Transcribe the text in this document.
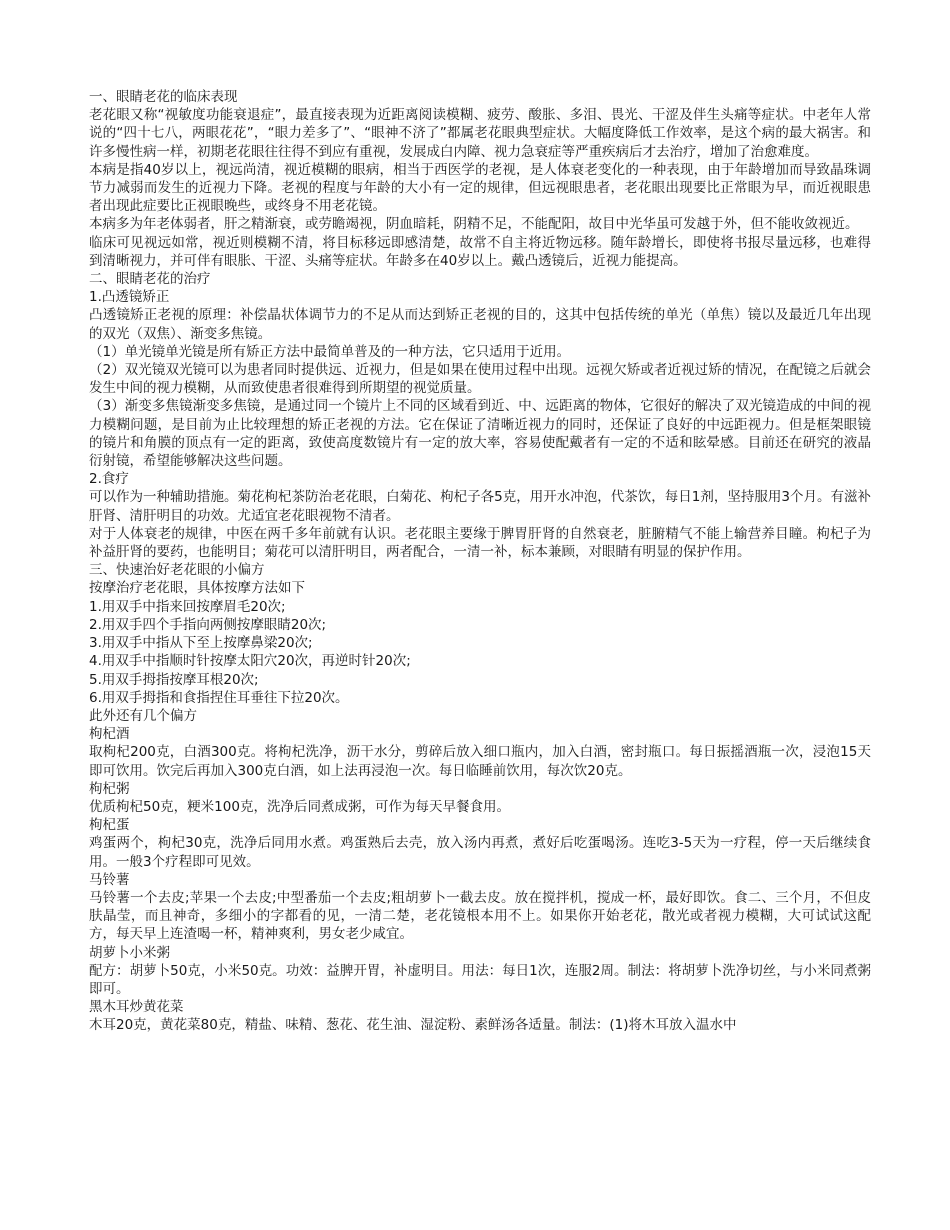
一、眼睛老花的临床表现

老花眼又称“视敏度功能衰退症”，最直接表现为近距离阅读模糊、疲劳、酸胀、多泪、畏光、干涩及伴生头痛等症状。中老年人常说的“四十七八，两眼花花”，“眼力差多了”、“眼神不济了”都属老花眼典型症状。大幅度降低工作效率，是这个病的最大祸害。和许多慢性病一样，初期老花眼往往得不到应有重视，发展成白内障、视力急衰症等严重疾病后才去治疗，增加了治愈难度。

本病是指40岁以上，视远尚清，视近模糊的眼病，相当于西医学的老视，是人体衰老变化的一种表现，由于年龄增加而导致晶珠调节力减弱而发生的近视力下降。老视的程度与年龄的大小有一定的规律，但远视眼患者，老花眼出现要比正常眼为早，而近视眼患者出现此症要比正视眼晚些，或终身不用老花镜。

本病多为年老体弱者，肝之精渐衰，或劳瞻竭视，阴血暗耗，阴精不足，不能配阳，故目中光华虽可发越于外，但不能收敛视近。

临床可见视远如常，视近则模糊不清，将目标移远即感清楚，故常不自主将近物远移。随年龄增长，即使将书报尽量远移，也难得到清晰视力，并可伴有眼胀、干涩、头痛等症状。年龄多在40岁以上。戴凸透镜后，近视力能提高。

二、眼睛老花的治疗

1.凸透镜矫正

凸透镜矫正老视的原理：补偿晶状体调节力的不足从而达到矫正老视的目的，这其中包括传统的单光（单焦）镜以及最近几年出现的双光（双焦）、渐变多焦镜。

（1）单光镜单光镜是所有矫正方法中最简单普及的一种方法，它只适用于近用。

（2）双光镜双光镜可以为患者同时提供远、近视力，但是如果在使用过程中出现。远视欠矫或者近视过矫的情况，在配镜之后就会发生中间的视力模糊，从而致使患者很难得到所期望的视觉质量。

（3）渐变多焦镜渐变多焦镜，是通过同一个镜片上不同的区域看到近、中、远距离的物体，它很好的解决了双光镜造成的中间的视力模糊问题，是目前为止比较理想的矫正老视的方法。它在保证了清晰近视力的同时，还保证了良好的中远距视力。但是框架眼镜的镜片和角膜的顶点有一定的距离，致使高度数镜片有一定的放大率，容易使配戴者有一定的不适和眩晕感。目前还在研究的液晶衍射镜，希望能够解决这些问题。

2.食疗

可以作为一种辅助措施。菊花枸杞茶防治老花眼，白菊花、枸杞子各5克，用开水冲泡，代茶饮，每日1剂，坚持服用3个月。有滋补肝肾、清肝明目的功效。尤适宜老花眼视物不清者。

对于人体衰老的规律，中医在两千多年前就有认识。老花眼主要缘于脾胃肝肾的自然衰老，脏腑精气不能上输营养目瞳。枸杞子为补益肝肾的要药，也能明目；菊花可以清肝明目，两者配合，一清一补，标本兼顾，对眼睛有明显的保护作用。

三、快速治好老花眼的小偏方

按摩治疗老花眼，具体按摩方法如下

1.用双手中指来回按摩眉毛20次;

2.用双手四个手指向两侧按摩眼睛20次;

3.用双手中指从下至上按摩鼻梁20次;

4.用双手中指顺时针按摩太阳穴20次，再逆时针20次;

5.用双手拇指按摩耳根20次;

6.用双手拇指和食指捏住耳垂往下拉20次。

此外还有几个偏方

枸杞酒

取枸杞200克，白酒300克。将枸杞洗净，沥干水分，剪碎后放入细口瓶内，加入白酒，密封瓶口。每日振摇酒瓶一次，浸泡15天即可饮用。饮完后再加入300克白酒，如上法再浸泡一次。每日临睡前饮用，每次饮20克。

枸杞粥

优质枸杞50克，粳米100克，洗净后同煮成粥，可作为每天早餐食用。

枸杞蛋

鸡蛋两个，枸杞30克，洗净后同用水煮。鸡蛋熟后去壳，放入汤内再煮，煮好后吃蛋喝汤。连吃3-5天为一疗程，停一天后继续食用。一般3个疗程即可见效。

马铃薯

马铃薯一个去皮;苹果一个去皮;中型番茄一个去皮;粗胡萝卜一截去皮。放在搅拌机，搅成一杯，最好即饮。食二、三个月，不但皮肤晶莹，而且神奇，多细小的字都看的见，一清二楚，老花镜根本用不上。如果你开始老花，散光或者视力模糊，大可试试这配方，每天早上连渣喝一杯，精神爽利，男女老少咸宜。

胡萝卜小米粥

配方：胡萝卜50克，小米50克。功效：益脾开胃，补虚明目。用法：每日1次，连服2周。制法：将胡萝卜洗净切丝，与小米同煮粥即可。

黑木耳炒黄花菜

木耳20克，黄花菜80克，精盐、味精、葱花、花生油、湿淀粉、素鲜汤各适量。制法：(1)将木耳放入温水中
